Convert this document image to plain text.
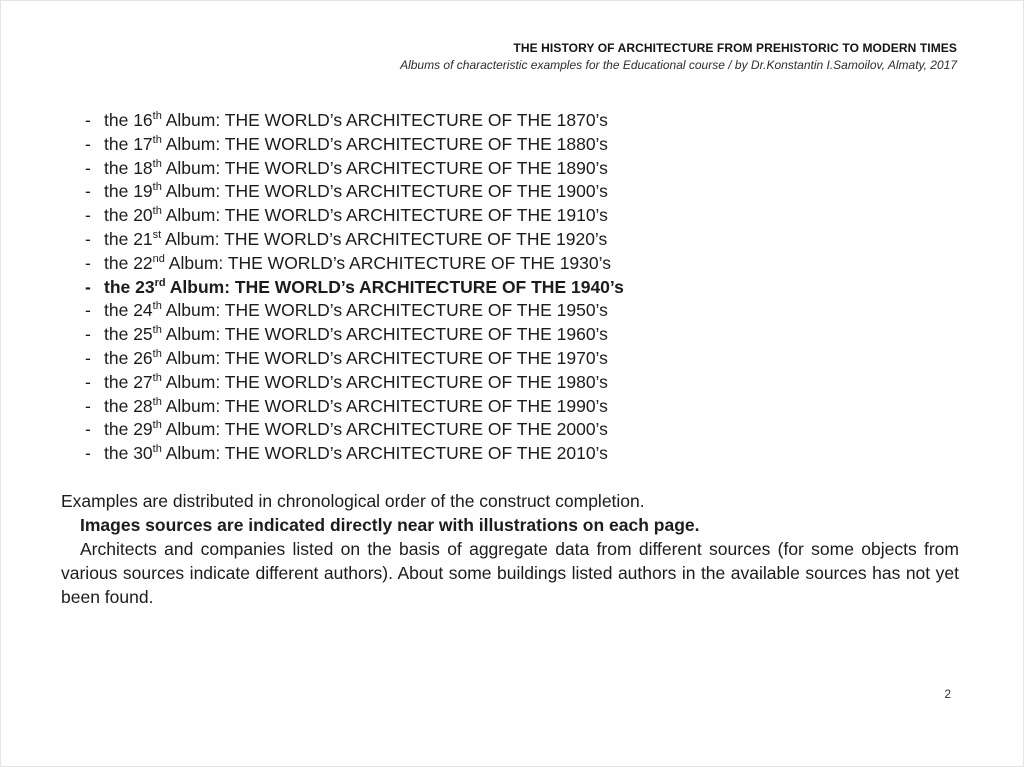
THE HISTORY OF ARCHITECTURE FROM PREHISTORIC TO MODERN TIMES
Albums of characteristic examples for the Educational course / by Dr.Konstantin I.Samoilov, Almaty, 2017
- the 16th Album: THE WORLD’s ARCHITECTURE OF THE 1870’s
- the 17th Album: THE WORLD’s ARCHITECTURE OF THE 1880’s
- the 18th Album: THE WORLD’s ARCHITECTURE OF THE 1890’s
- the 19th Album: THE WORLD’s ARCHITECTURE OF THE 1900’s
- the 20th Album: THE WORLD’s ARCHITECTURE OF THE 1910’s
- the 21st Album: THE WORLD’s ARCHITECTURE OF THE 1920’s
- the 22nd Album: THE WORLD’s ARCHITECTURE OF THE 1930’s
- the 23rd Album: THE WORLD’s ARCHITECTURE OF THE 1940’s
- the 24th Album: THE WORLD’s ARCHITECTURE OF THE 1950’s
- the 25th Album: THE WORLD’s ARCHITECTURE OF THE 1960’s
- the 26th Album: THE WORLD’s ARCHITECTURE OF THE 1970’s
- the 27th Album: THE WORLD’s ARCHITECTURE OF THE 1980’s
- the 28th Album: THE WORLD’s ARCHITECTURE OF THE 1990’s
- the 29th Album: THE WORLD’s ARCHITECTURE OF THE 2000’s
- the 30th Album: THE WORLD’s ARCHITECTURE OF THE 2010’s
Examples are distributed in chronological order of the construct completion.
Images sources are indicated directly near with illustrations on each page.
Architects and companies listed on the basis of aggregate data from different sources (for some objects from various sources indicate different authors). About some buildings listed authors in the available sources has not yet been found.
2
